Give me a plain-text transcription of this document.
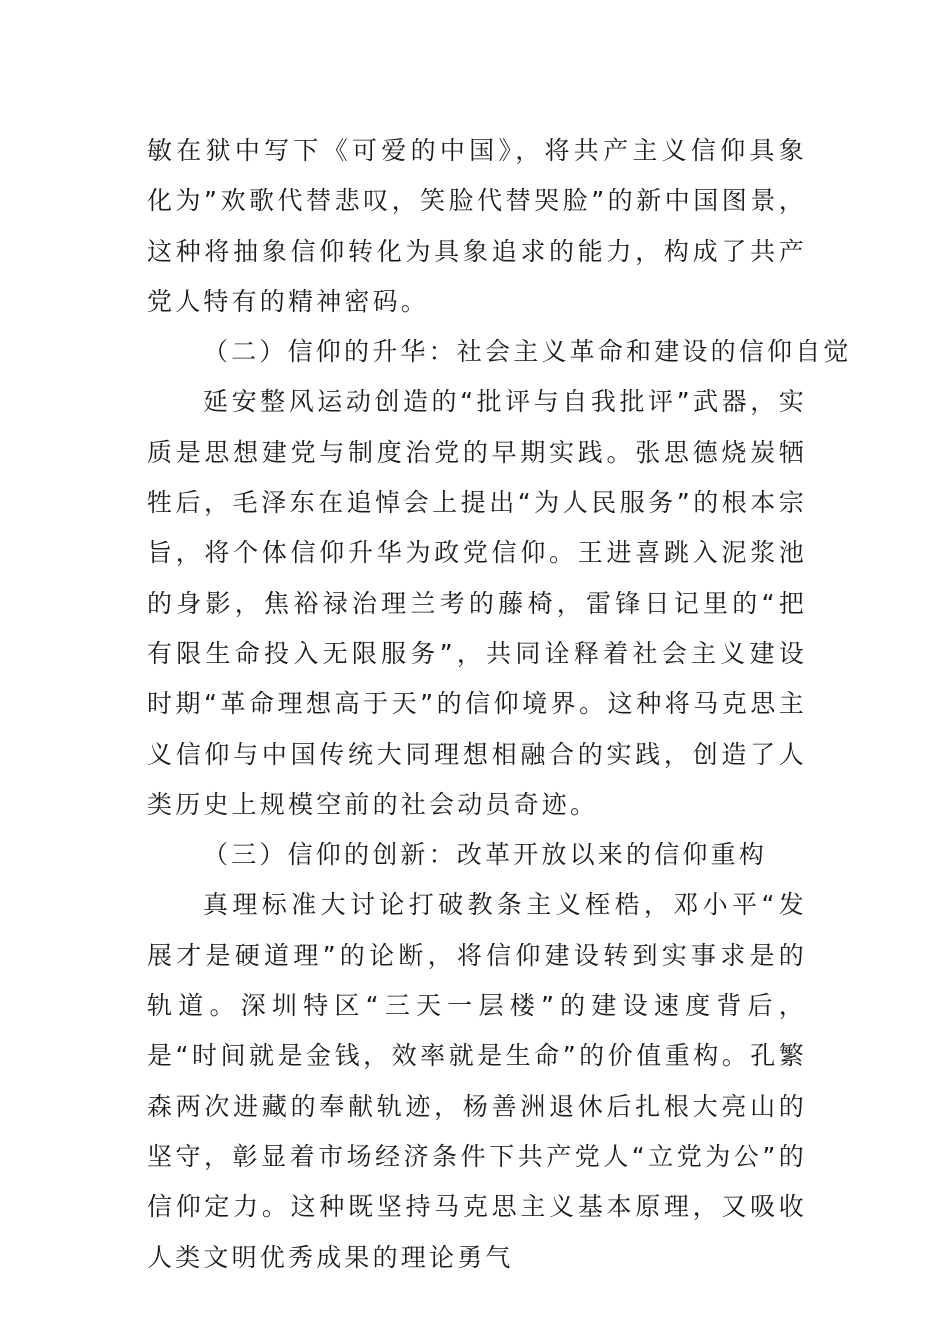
敏在狱中写下《可爱的中国》，将共产主义信仰具象化为”欢歌代替悲叹，笑脸代替哭脸”的新中国图景，这种将抽象信仰转化为具象追求的能力，构成了共产党人特有的精神密码。

（二）信仰的升华：社会主义革命和建设的信仰自觉

延安整风运动创造的“批评与自我批评”武器，实质是思想建党与制度治党的早期实践。张思德烧炭牺牲后，毛泽东在追悼会上提出“为人民服务”的根本宗旨，将个体信仰升华为政党信仰。王进喜跳入泥浆池的身影，焦裕禄治理兰考的藤椅，雷锋日记里的“把有限生命投入无限服务”，共同诠释着社会主义建设时期“革命理想高于天”的信仰境界。这种将马克思主义信仰与中国传统大同理想相融合的实践，创造了人类历史上规模空前的社会动员奇迹。

（三）信仰的创新：改革开放以来的信仰重构

真理标准大讨论打破教条主义桎梏，邓小平“发展才是硬道理”的论断，将信仰建设转到实事求是的轨道。深圳特区“三天一层楼”的建设速度背后，是“时间就是金钱，效率就是生命”的价值重构。孔繁森两次进藏的奉献轨迹，杨善洲退休后扎根大亮山的坚守，彰显着市场经济条件下共产党人“立党为公”的信仰定力。这种既坚持马克思主义基本原理，又吸收人类文明优秀成果的理论勇气
